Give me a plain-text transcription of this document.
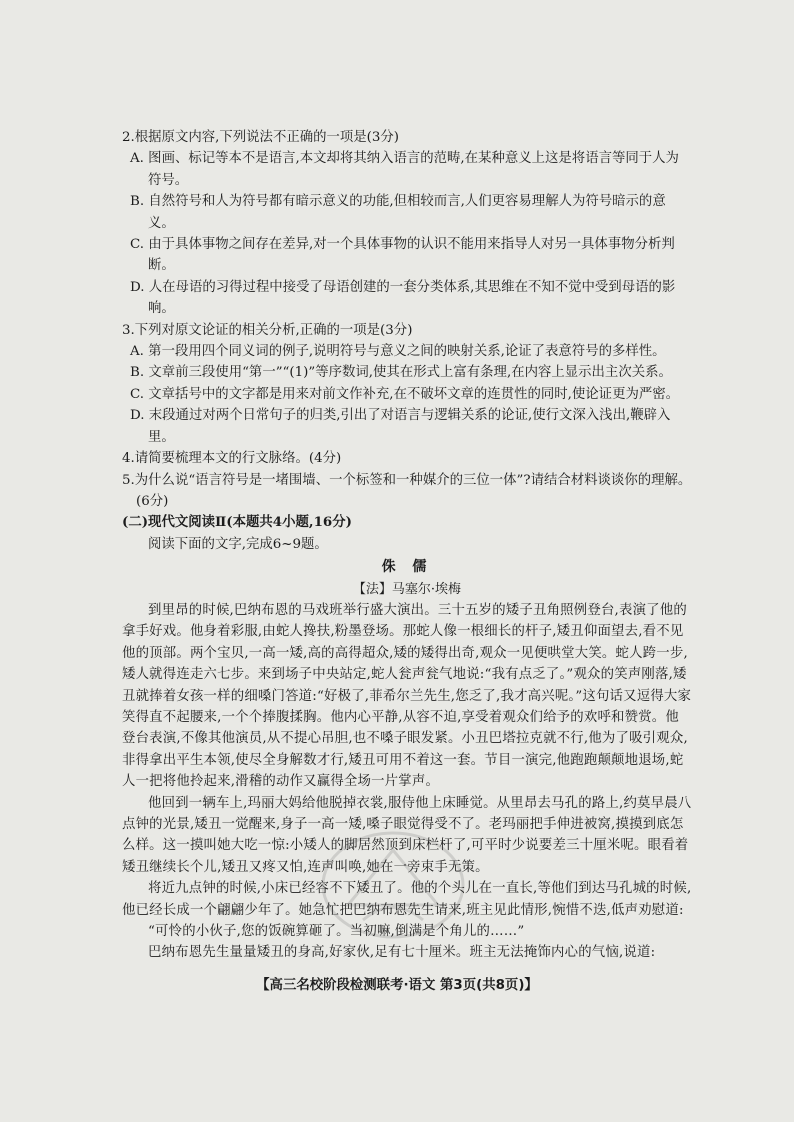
2.根据原文内容,下列说法不正确的一项是(3分)

A. 图画、标记等本不是语言,本文却将其纳入语言的范畴,在某种意义上这是将语言等同于人为符号。

B. 自然符号和人为符号都有暗示意义的功能,但相较而言,人们更容易理解人为符号暗示的意义。

C. 由于具体事物之间存在差异,对一个具体事物的认识不能用来指导人对另一具体事物分析判断。

D. 人在母语的习得过程中接受了母语创建的一套分类体系,其思维在不知不觉中受到母语的影响。

3.下列对原文论证的相关分析,正确的一项是(3分)

A. 第一段用四个同义词的例子,说明符号与意义之间的映射关系,论证了表意符号的多样性。

B. 文章前三段使用“第一”“(1)”等序数词,使其在形式上富有条理,在内容上显示出主次关系。

C. 文章括号中的文字都是用来对前文作补充,在不破坏文章的连贯性的同时,使论证更为严密。

D. 末段通过对两个日常句子的归类,引出了对语言与逻辑关系的论证,使行文深入浅出,鞭辟入里。

4.请简要梳理本文的行文脉络。(4分)

5.为什么说“语言符号是一堵围墙、一个标签和一种媒介的三位一体”?请结合材料谈谈你的理解。(6分)

(二)现代文阅读Ⅱ(本题共4小题,16分)

阅读下面的文字,完成6~9题。

侏 儒

【法】马塞尔·埃梅

到里昂的时候,巴纳布恩的马戏班举行盛大演出。三十五岁的矮子丑角照例登台,表演了他的拿手好戏。他身着彩服,由蛇人搀扶,粉墨登场。那蛇人像一根细长的杆子,矮丑仰面望去,看不见他的顶部。两个宝贝,一高一矮,高的高得超众,矮的矮得出奇,观众一见便哄堂大笑。蛇人跨一步,矮人就得连走六七步。来到场子中央站定,蛇人瓮声瓮气地说:“我有点乏了。”观众的笑声刚落,矮丑就捧着女孩一样的细嗓门答道:“好极了,菲希尔兰先生,您乏了,我才高兴呢。”这句话又逗得大家笑得直不起腰来,一个个捧腹揉胸。他内心平静,从容不迫,享受着观众们给予的欢呼和赞赏。他登台表演,不像其他演员,从不提心吊胆,也不嗓子眼发紧。小丑巴塔拉克就不行,他为了吸引观众,非得拿出平生本领,使尽全身解数才行,矮丑可用不着这一套。节目一演完,他跑跑颠颠地退场,蛇人一把将他拎起来,滑稽的动作又赢得全场一片掌声。

他回到一辆车上,玛丽大妈给他脱掉衣裳,服侍他上床睡觉。从里昂去马孔的路上,约莫早晨八点钟的光景,矮丑一觉醒来,身子一高一矮,嗓子眼觉得受不了。老玛丽把手伸进被窝,摸摸到底怎么样。这一摸叫她大吃一惊:小矮人的脚居然顶到床栏杆了,可平时少说要差三十厘米呢。眼看着矮丑继续长个儿,矮丑又疼又怕,连声叫唤,她在一旁束手无策。

将近九点钟的时候,小床已经容不下矮丑了。他的个头儿在一直长,等他们到达马孔城的时候,他已经长成一个翩翩少年了。她急忙把巴纳布恩先生请来,班主见此情形,惋惜不迭,低声劝慰道:

“可怜的小伙子,您的饭碗算砸了。当初嘛,倒满是个角儿的……”

巴纳布恩先生量量矮丑的身高,好家伙,足有七十厘米。班主无法掩饰内心的气恼,说道:

【高三名校阶段检测联考·语文 第3页(共8页)】
